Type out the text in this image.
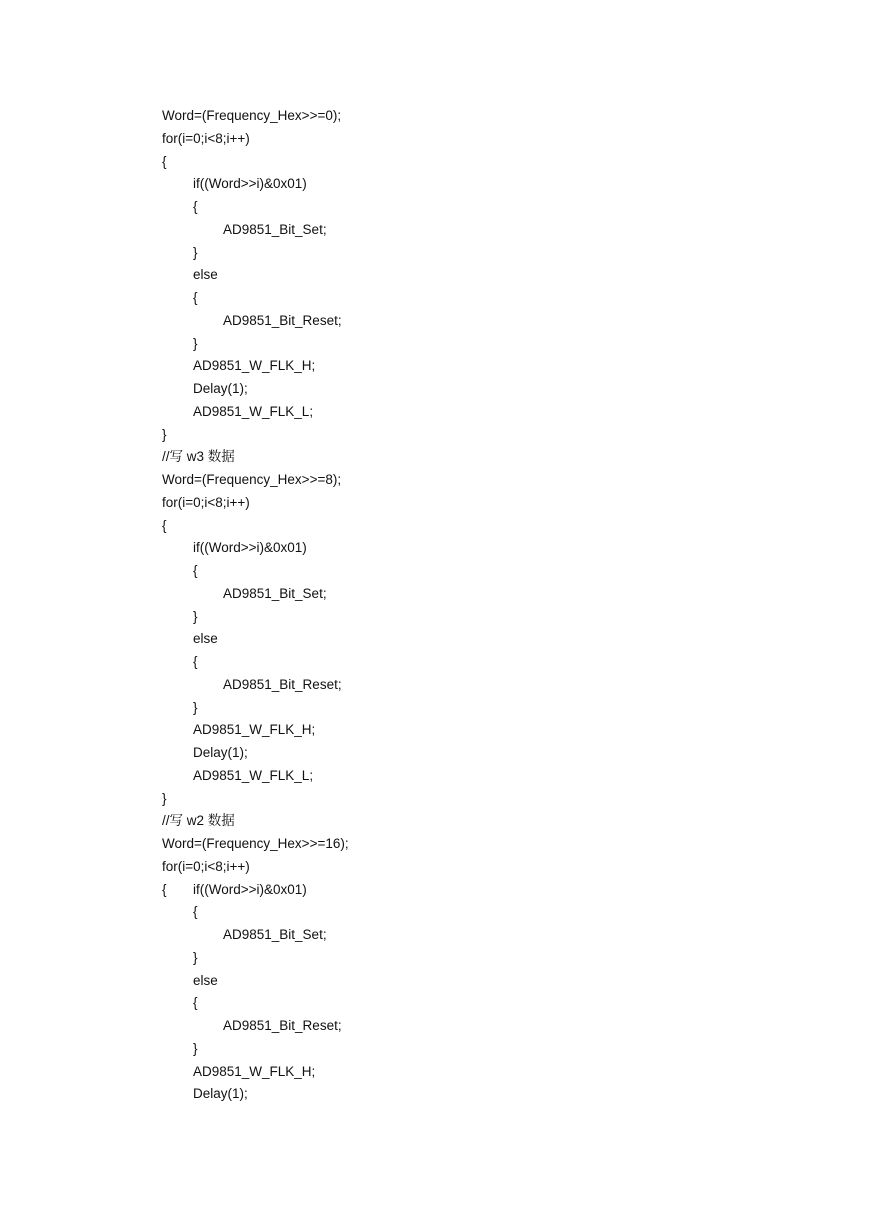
Word=(Frequency_Hex>>=0);
for(i=0;i<8;i++)
{
if((Word>>i)&0x01)
{
AD9851_Bit_Set;
}
else
{
AD9851_Bit_Reset;
}
AD9851_W_FLK_H;
Delay(1);
AD9851_W_FLK_L;
}
//写 w3 数据
Word=(Frequency_Hex>>=8);
for(i=0;i<8;i++)
{
if((Word>>i)&0x01)
{
AD9851_Bit_Set;
}
else
{
AD9851_Bit_Reset;
}
AD9851_W_FLK_H;
Delay(1);
AD9851_W_FLK_L;
}
//写 w2 数据
Word=(Frequency_Hex>>=16);
for(i=0;i<8;i++)
{ if((Word>>i)&0x01)
{
AD9851_Bit_Set;
}
else
{
AD9851_Bit_Reset;
}
AD9851_W_FLK_H;
Delay(1);
